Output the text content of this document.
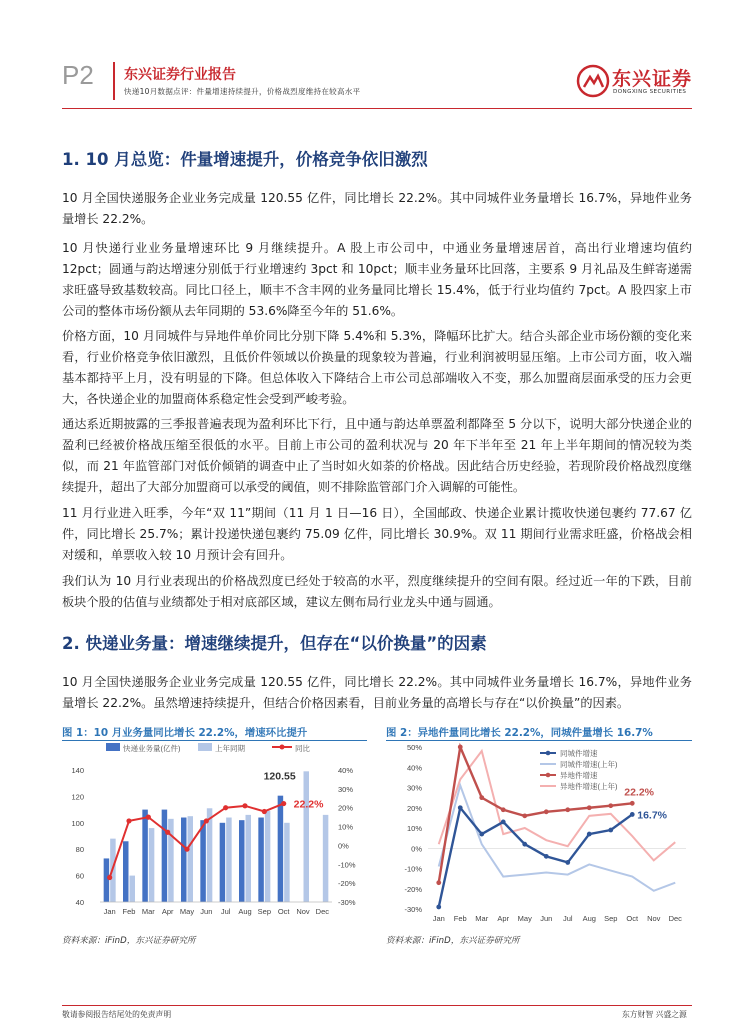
P2 东兴证券行业报告
快递10月数据点评：件量增速持续提升，价格战烈度维持在较高水平
东兴证券
DONGXING SECURITIES
1. 10 月总览：件量增速提升，价格竞争依旧激烈

10 月全国快递服务企业业务完成量 120.55 亿件，同比增长 22.2%。其中同城件业务量增长 16.7%，异地件业务量增长 22.2%。

10 月快递行业业务量增速环比 9 月继续提升。A 股上市公司中，中通业务量增速居首，高出行业增速均值约 12pct；圆通与韵达增速分别低于行业增速约 3pct 和 10pct；顺丰业务量环比回落，主要系 9 月礼品及生鲜寄递需求旺盛导致基数较高。同比口径上，顺丰不含丰网的业务量同比增长 15.4%，低于行业均值约 7pct。A 股四家上市公司的整体市场份额从去年同期的 53.6%降至今年的 51.6%。

价格方面，10 月同城件与异地件单价同比分别下降 5.4%和 5.3%，降幅环比扩大。结合头部企业市场份额的变化来看，行业价格竞争依旧激烈，且低价件领域以价换量的现象较为普遍，行业利润被明显压缩。上市公司方面，收入端基本都持平上月，没有明显的下降。但总体收入下降结合上市公司总部端收入不变，那么加盟商层面承受的压力会更大，各快递企业的加盟商体系稳定性会受到严峻考验。

通达系近期披露的三季报普遍表现为盈利环比下行，且中通与韵达单票盈利都降至 5 分以下，说明大部分快递企业的盈利已经被价格战压缩至很低的水平。目前上市公司的盈利状况与 20 年下半年至 21 年上半年期间的情况较为类似，而 21 年监管部门对低价倾销的调查中止了当时如火如荼的价格战。因此结合历史经验，若现阶段价格战烈度继续提升，超出了大部分加盟商可以承受的阈值，则不排除监管部门介入调解的可能性。

11 月行业进入旺季，今年“双 11”期间（11 月 1 日—16 日），全国邮政、快递企业累计揽收快递包裹约 77.67 亿件，同比增长 25.7%；累计投递快递包裹约 75.09 亿件，同比增长 30.9%。双 11 期间行业需求旺盛，价格战会相对缓和，单票收入较 10 月预计会有回升。

我们认为 10 月行业表现出的价格战烈度已经处于较高的水平，烈度继续提升的空间有限。经过近一年的下跌，目前板块个股的估值与业绩都处于相对底部区域，建议左侧布局行业龙头中通与圆通。

2. 快递业务量：增速继续提升，但存在“以价换量”的因素

10 月全国快递服务企业业务完成量 120.55 亿件，同比增长 22.2%。其中同城件业务量增长 16.7%，异地件业务量增长 22.2%。虽然增速持续提升，但结合价格因素看，目前业务量的高增长与存在“以价换量”的因素。

图 1：10 月业务量同比增长 22.2%，增速环比提升
快递业务量(亿件)	上年同期	同比
140
120
100
80
60
40
40%
30%
20%
10%
0%
-10%
-20%
-30%
Jan Feb Mar Apr May Jun Jul Aug Sep Oct Nov Dec
120.55
22.2%
资料来源：iFinD，东兴证券研究所
图 2：异地件量同比增长 22.2%，同城件量增长 16.7%
50%
40%
30%
20%
10%
0%
-10%
-20%
-30%
Jan Feb Mar Apr May Jun Jul Aug Sep Oct Nov Dec
同城件增速
同城件增速(上年)
异地件增速
异地件增速(上年) 22.2%
16.7%
资料来源：iFinD，东兴证券研究所
敬请参阅报告结尾处的免责声明	东方财智 兴盛之源
